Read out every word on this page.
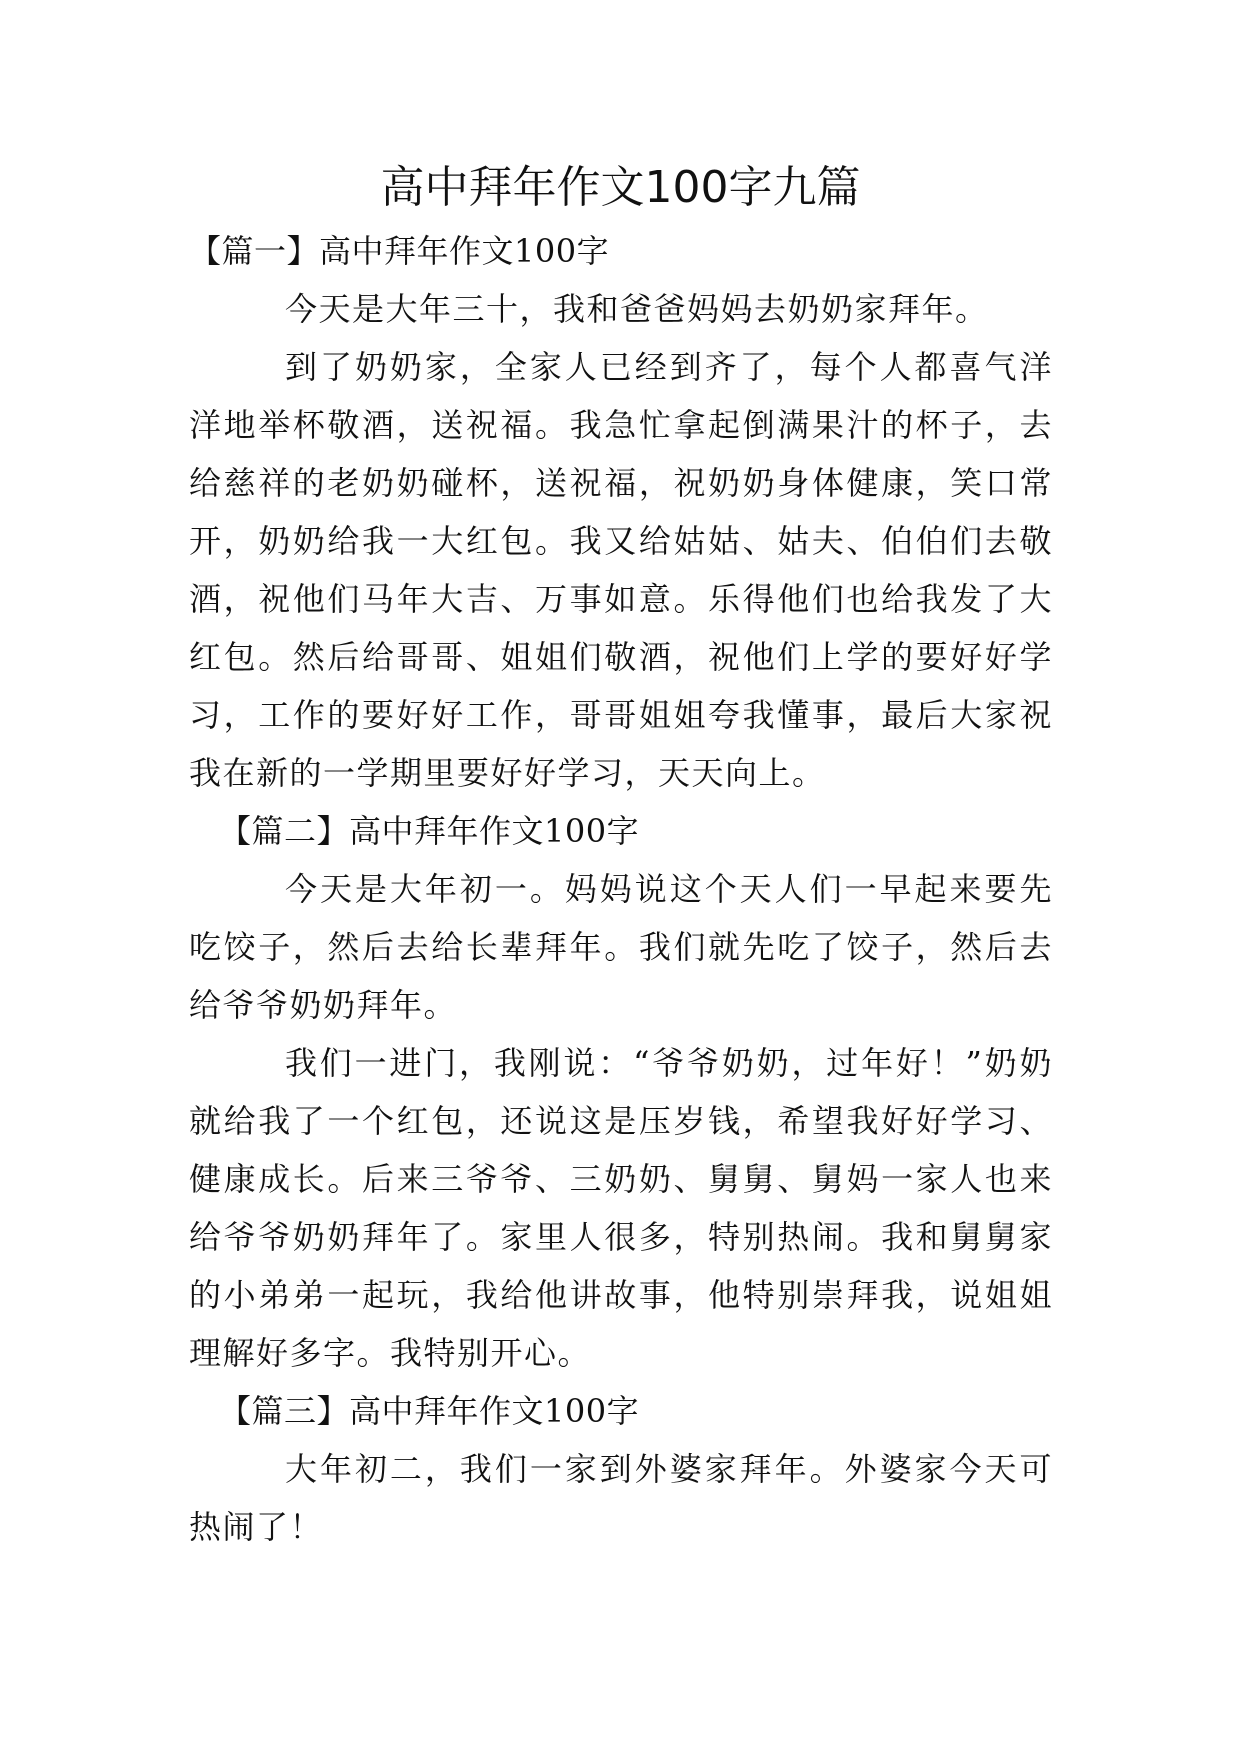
高中拜年作文100字九篇

【篇一】高中拜年作文100字

今天是大年三十，我和爸爸妈妈去奶奶家拜年。

到了奶奶家，全家人已经到齐了，每个人都喜气洋洋地举杯敬酒，送祝福。我急忙拿起倒满果汁的杯子，去给慈祥的老奶奶碰杯，送祝福，祝奶奶身体健康，笑口常开，奶奶给我一大红包。我又给姑姑、姑夫、伯伯们去敬酒，祝他们马年大吉、万事如意。乐得他们也给我发了大红包。然后给哥哥、姐姐们敬酒，祝他们上学的要好好学习，工作的要好好工作，哥哥姐姐夸我懂事，最后大家祝我在新的一学期里要好好学习，天天向上。

【篇二】高中拜年作文100字

今天是大年初一。妈妈说这个天人们一早起来要先吃饺子，然后去给长辈拜年。我们就先吃了饺子，然后去给爷爷奶奶拜年。

我们一进门，我刚说：“爷爷奶奶，过年好！”奶奶就给我了一个红包，还说这是压岁钱，希望我好好学习、健康成长。后来三爷爷、三奶奶、舅舅、舅妈一家人也来给爷爷奶奶拜年了。家里人很多，特别热闹。我和舅舅家的小弟弟一起玩，我给他讲故事，他特别崇拜我，说姐姐理解好多字。我特别开心。

【篇三】高中拜年作文100字

大年初二，我们一家到外婆家拜年。外婆家今天可热闹了！
